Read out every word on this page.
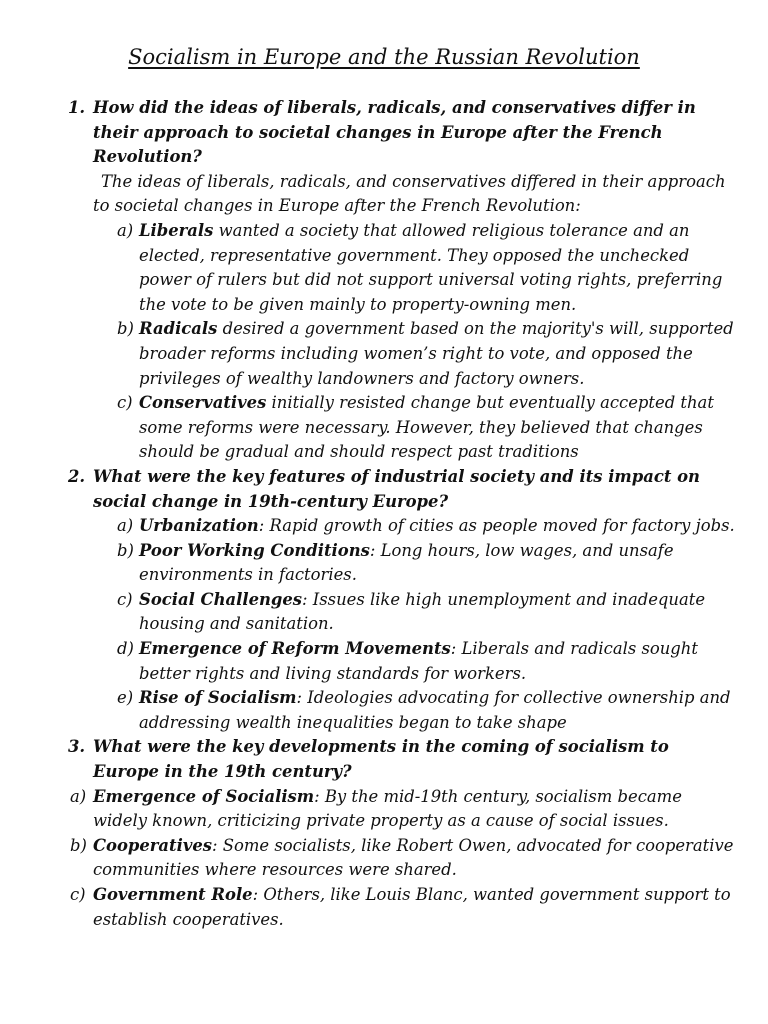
Socialism in Europe and the Russian Revolution
1. How did the ideas of liberals, radicals, and conservatives differ in their approach to societal changes in Europe after the French Revolution?
The ideas of liberals, radicals, and conservatives differed in their approach to societal changes in Europe after the French Revolution:
a) Liberals wanted a society that allowed religious tolerance and an elected, representative government. They opposed the unchecked power of rulers but did not support universal voting rights, preferring the vote to be given mainly to property-owning men.
b) Radicals desired a government based on the majority's will, supported broader reforms including women’s right to vote, and opposed the privileges of wealthy landowners and factory owners.
c) Conservatives initially resisted change but eventually accepted that some reforms were necessary. However, they believed that changes should be gradual and should respect past traditions
2. What were the key features of industrial society and its impact on social change in 19th-century Europe?
a) Urbanization: Rapid growth of cities as people moved for factory jobs.
b) Poor Working Conditions: Long hours, low wages, and unsafe environments in factories.
c) Social Challenges: Issues like high unemployment and inadequate housing and sanitation.
d) Emergence of Reform Movements: Liberals and radicals sought better rights and living standards for workers.
e) Rise of Socialism: Ideologies advocating for collective ownership and addressing wealth inequalities began to take shape
3. What were the key developments in the coming of socialism to Europe in the 19th century?
a) Emergence of Socialism: By the mid-19th century, socialism became widely known, criticizing private property as a cause of social issues.
b) Cooperatives: Some socialists, like Robert Owen, advocated for cooperative communities where resources were shared.
c) Government Role: Others, like Louis Blanc, wanted government support to establish cooperatives.
